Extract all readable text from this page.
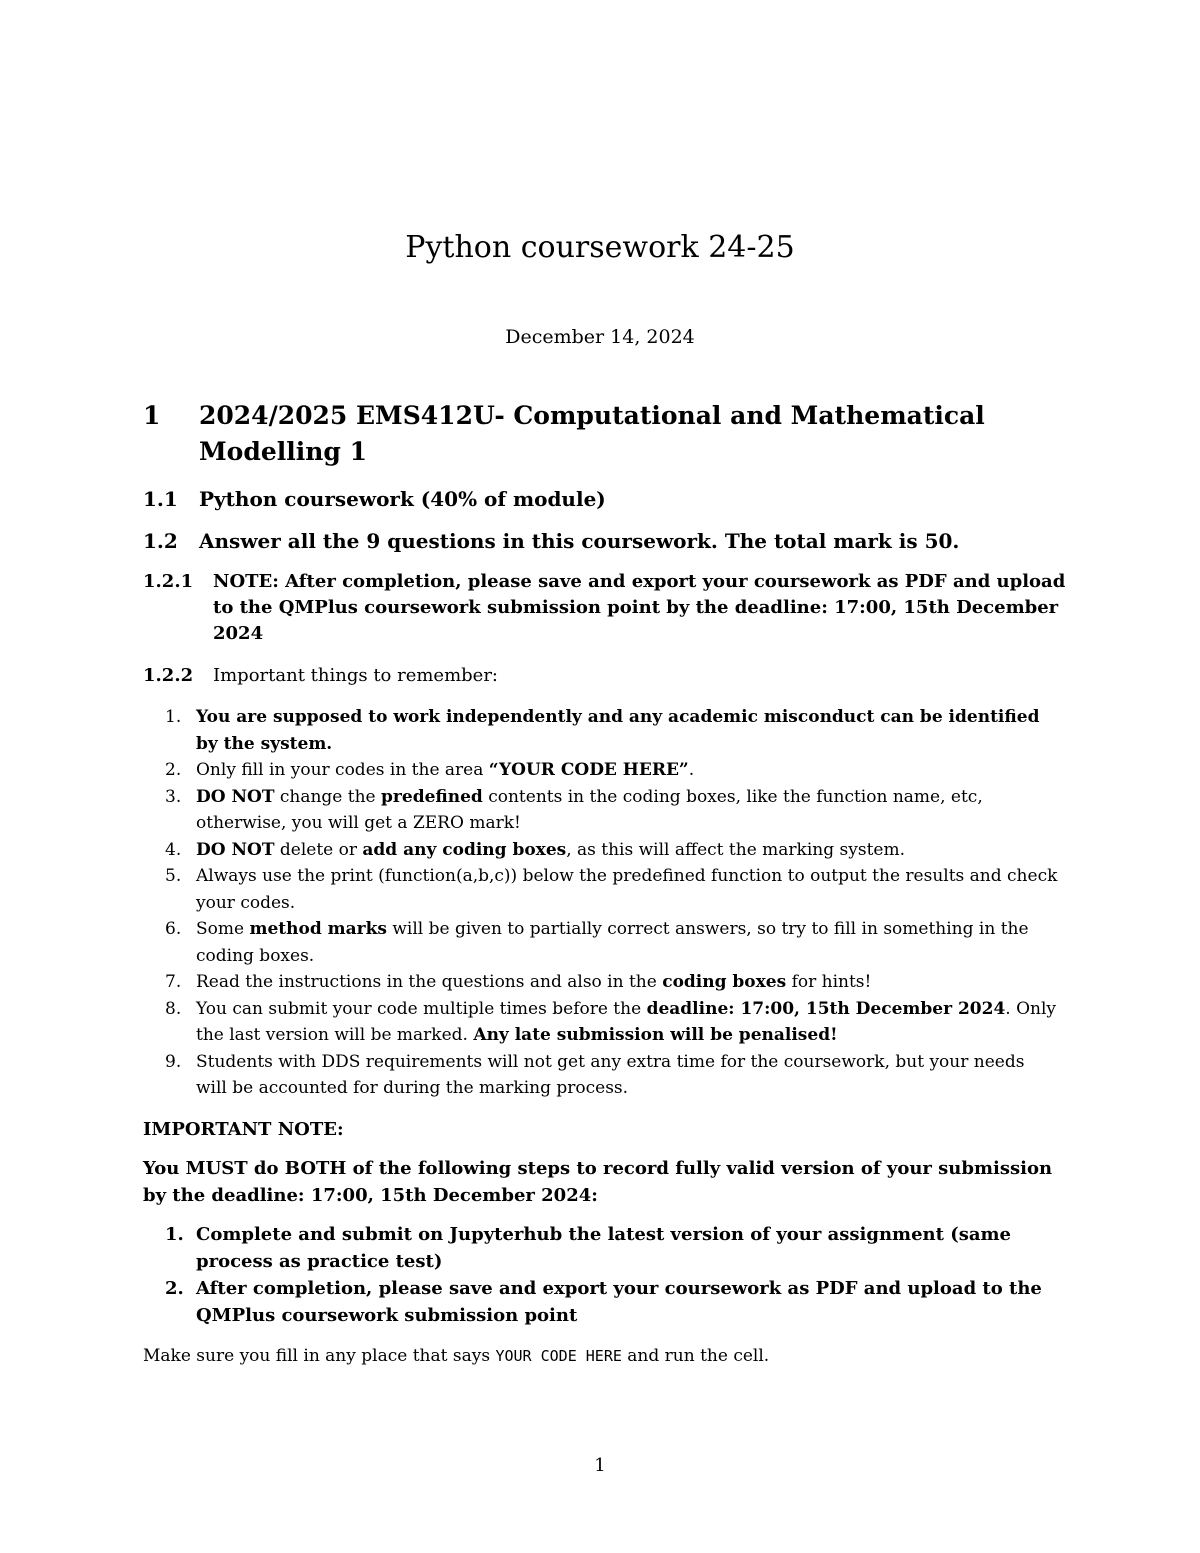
Python coursework 24-25
December 14, 2024
1 2024/2025 EMS412U- Computational and Mathematical Modelling 1
1.1 Python coursework (40% of module)
1.2 Answer all the 9 questions in this coursework. The total mark is 50.
1.2.1 NOTE: After completion, please save and export your coursework as PDF and upload to the QMPlus coursework submission point by the deadline: 17:00, 15th December 2024
1.2.2 Important things to remember:
1. You are supposed to work independently and any academic misconduct can be identified by the system.
2. Only fill in your codes in the area “YOUR CODE HERE”.
3. DO NOT change the predefined contents in the coding boxes, like the function name, etc, otherwise, you will get a ZERO mark!
4. DO NOT delete or add any coding boxes, as this will affect the marking system.
5. Always use the print (function(a,b,c)) below the predefined function to output the results and check your codes.
6. Some method marks will be given to partially correct answers, so try to fill in something in the coding boxes.
7. Read the instructions in the questions and also in the coding boxes for hints!
8. You can submit your code multiple times before the deadline: 17:00, 15th December 2024. Only the last version will be marked. Any late submission will be penalised!
9. Students with DDS requirements will not get any extra time for the coursework, but your needs will be accounted for during the marking process.
IMPORTANT NOTE:
You MUST do BOTH of the following steps to record fully valid version of your submission by the deadline: 17:00, 15th December 2024:
1. Complete and submit on Jupyterhub the latest version of your assignment (same process as practice test)
2. After completion, please save and export your coursework as PDF and upload to the QMPlus coursework submission point
Make sure you fill in any place that says YOUR CODE HERE and run the cell.
1
